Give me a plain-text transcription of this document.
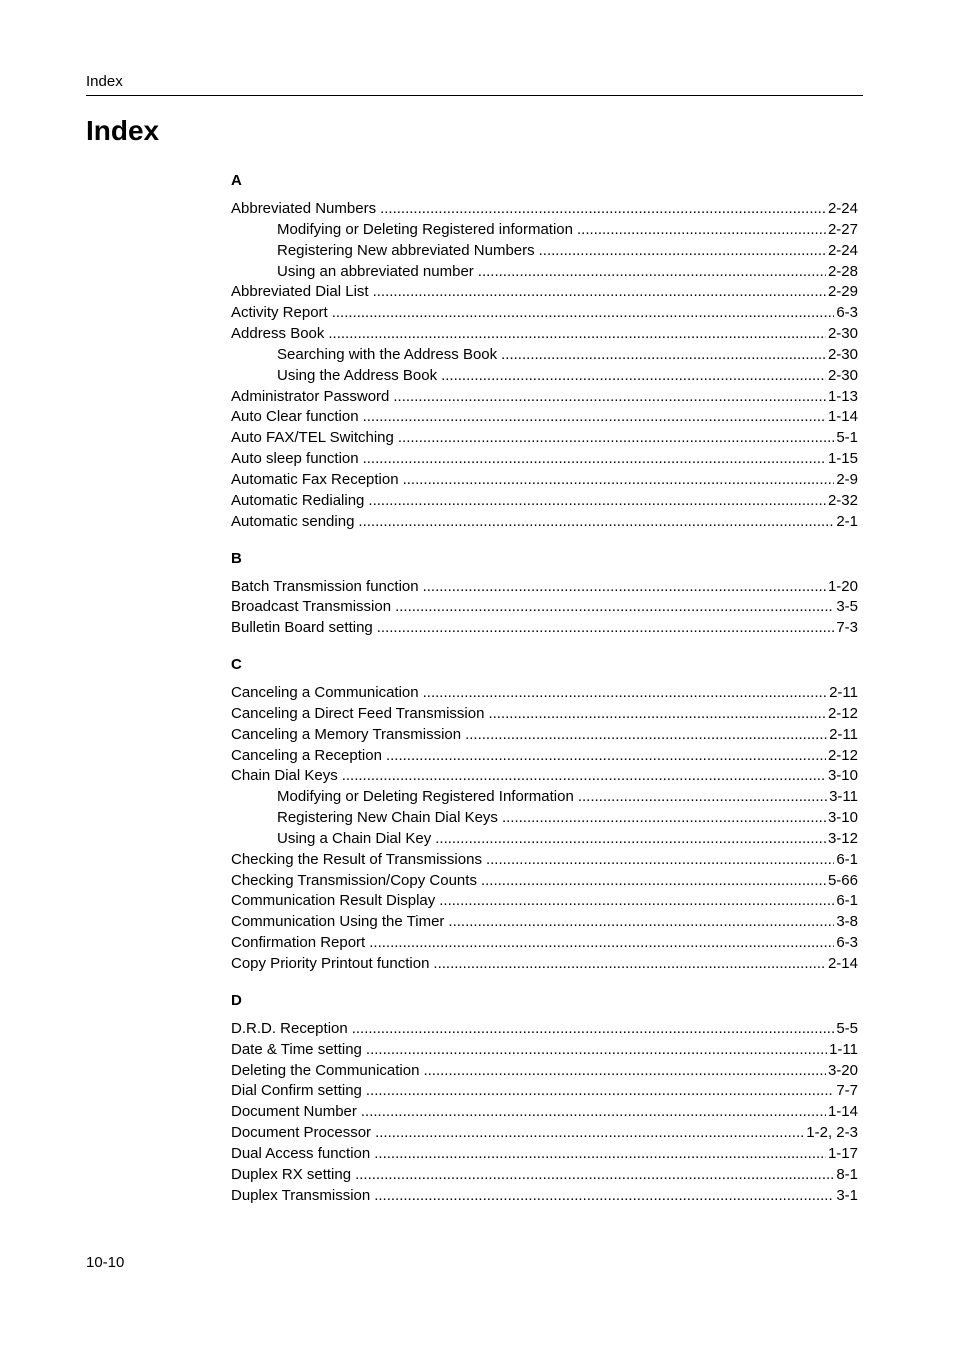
Index
Index
A
Abbreviated Numbers .....	2-24
Modifying or Deleting Registered information .....	2-27
Registering New abbreviated Numbers .....	2-24
Using an abbreviated number .....	2-28
Abbreviated Dial List .....	2-29
Activity Report .....	6-3
Address Book .....	2-30
Searching with the Address Book .....	2-30
Using the Address Book .....	2-30
Administrator Password .....	1-13
Auto Clear function .....	1-14
Auto FAX/TEL Switching .....	5-1
Auto sleep function .....	1-15
Automatic Fax Reception .....	2-9
Automatic Redialing .....	2-32
Automatic sending .....	2-1
B
Batch Transmission function .....	1-20
Broadcast Transmission .....	3-5
Bulletin Board setting .....	7-3
C
Canceling a Communication .....	2-11
Canceling a Direct Feed Transmission .....	2-12
Canceling a Memory Transmission .....	2-11
Canceling a Reception .....	2-12
Chain Dial Keys .....	3-10
Modifying or Deleting Registered Information .....	3-11
Registering New Chain Dial Keys .....	3-10
Using a Chain Dial Key .....	3-12
Checking the Result of Transmissions .....	6-1
Checking Transmission/Copy Counts .....	5-66
Communication Result Display .....	6-1
Communication Using the Timer .....	3-8
Confirmation Report .....	6-3
Copy Priority Printout function .....	2-14
D
D.R.D. Reception .....	5-5
Date & Time setting .....	1-11
Deleting the Communication .....	3-20
Dial Confirm setting .....	7-7
Document Number .....	1-14
Document Processor .....	1-2, 2-3
Dual Access function .....	1-17
Duplex RX setting .....	8-1
Duplex Transmission .....	3-1
10-10
